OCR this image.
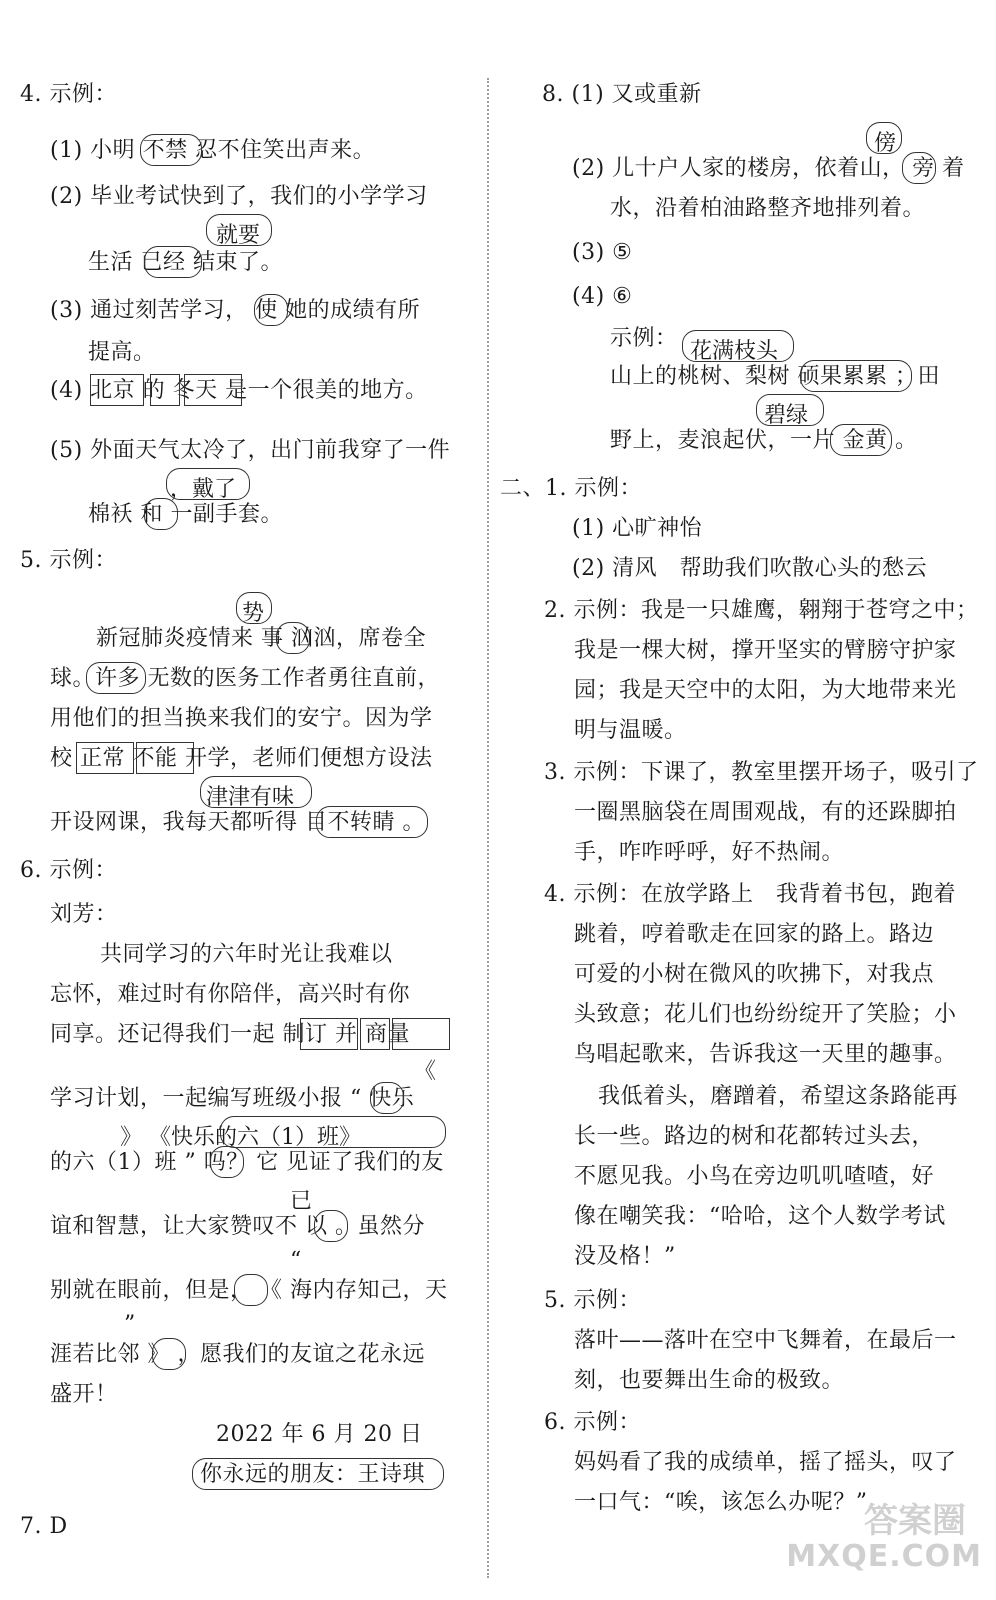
4. 示例：
(1) 小明 不禁 忍不住笑出声来。
(2) 毕业考试快到了，我们的小学学习
就要
生活 已经 结束了。
(3) 通过刻苦学习， 使 她的成绩有所
提高。
(4) 北京 的 冬天 是一个很美的地方。
(5) 外面天气太冷了，出门前我穿了一件
，戴了
棉袄 和 一副手套。
5. 示例：
势
新冠肺炎疫情来 事 汹汹，席卷全
球。许多 无数的医务工作者勇往直前，
用他们的担当换来我们的安宁。因为学
校 正常 不能 开学，老师们便想方设法
津津有味
开设网课，我每天都听得 目不转睛 。
6. 示例：
刘芳：
共同学习的六年时光让我难以
忘怀，难过时有你陪伴，高兴时有你
同享。还记得我们一起 制订 并 商量
《
学习计划，一起编写班级小报 “ 快乐
》 《快乐的六（1）班》
的六（1）班 ” 吗？ 它 见证了我们的友
已
谊和智慧，让大家赞叹不 以 。虽然分
“
别就在眼前，但是， 《 海内存知己，天
”
涯若比邻 》 ，愿我们的友谊之花永远
盛开！
2022 年 6 月 20 日
你永远的朋友：王诗琪
7. D
8. (1) 又或重新
傍
(2) 儿十户人家的楼房，依着山， 旁 着
水，沿着柏油路整齐地排列着。
(3) ⑤
(4) ⑥
示例：
花满枝头
山上的桃树、梨树 硕果累累 ；田
碧绿
野上，麦浪起伏，一片 金黄 。
二、1. 示例：
(1) 心旷神怡
(2) 清风　帮助我们吹散心头的愁云
2. 示例：我是一只雄鹰，翱翔于苍穹之中；
我是一棵大树，撑开坚实的臂膀守护家
园；我是天空中的太阳，为大地带来光
明与温暖。
3. 示例：下课了，教室里摆开场子，吸引了
一圈黑脑袋在周围观战，有的还跺脚拍
手，咋咋呼呼，好不热闹。
4. 示例：在放学路上　我背着书包，跑着
跳着，哼着歌走在回家的路上。路边
可爱的小树在微风的吹拂下，对我点
头致意；花儿们也纷纷绽开了笑脸；小
鸟唱起歌来，告诉我这一天里的趣事。
我低着头，磨蹭着，希望这条路能再
长一些。路边的树和花都转过头去，
不愿见我。小鸟在旁边叽叽喳喳，好
像在嘲笑我：“哈哈，这个人数学考试
没及格！”
5. 示例：
落叶——落叶在空中飞舞着，在最后一
刻，也要舞出生命的极致。
6. 示例：
妈妈看了我的成绩单，摇了摇头，叹了
一口气：“唉，该怎么办呢？”
答案圈
MXQE.COM
